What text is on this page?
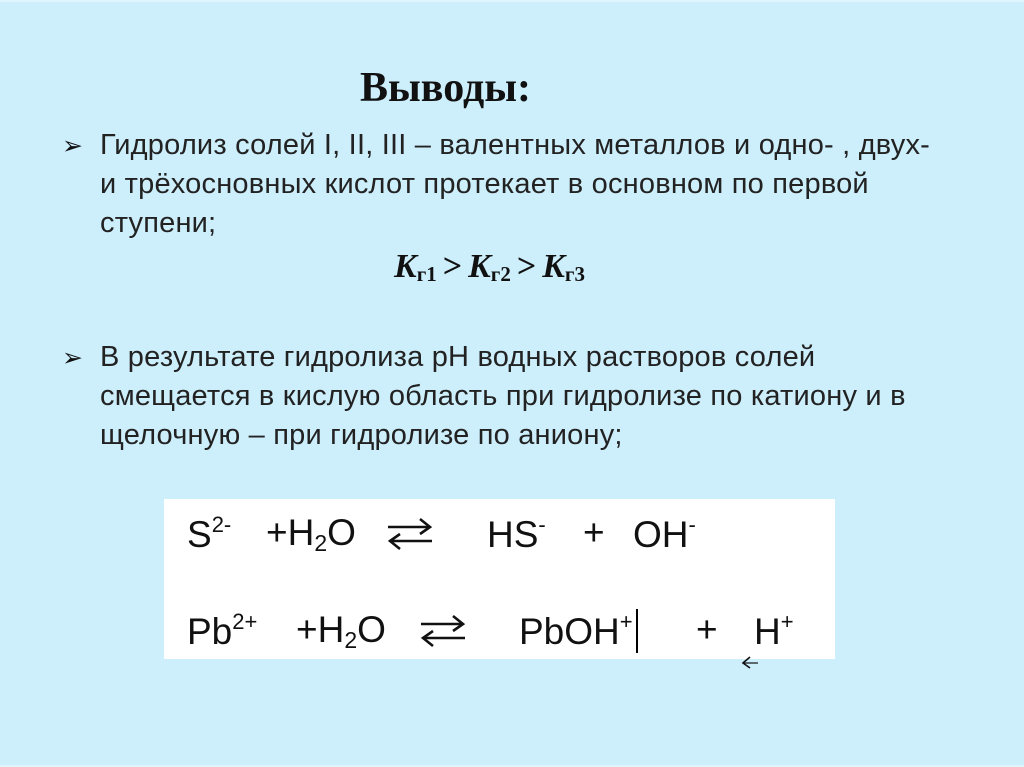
Выводы:
➢ Гидролиз солей I, II, III – валентных металлов и одно- , двух-
и трёхосновных кислот протекает в основном по первой
ступени;
$K_{г1} > K_{г2} > K_{г3}$
➢ В результате гидролиза pH водных растворов солей
смещается в кислую область при гидролизе по катиону и в
щелочную – при гидролизе по аниону;
$S^{2-} +H_2O$	HS- + OH-
$Pb^{2+} +H_2O$	PbOH+ + H+
